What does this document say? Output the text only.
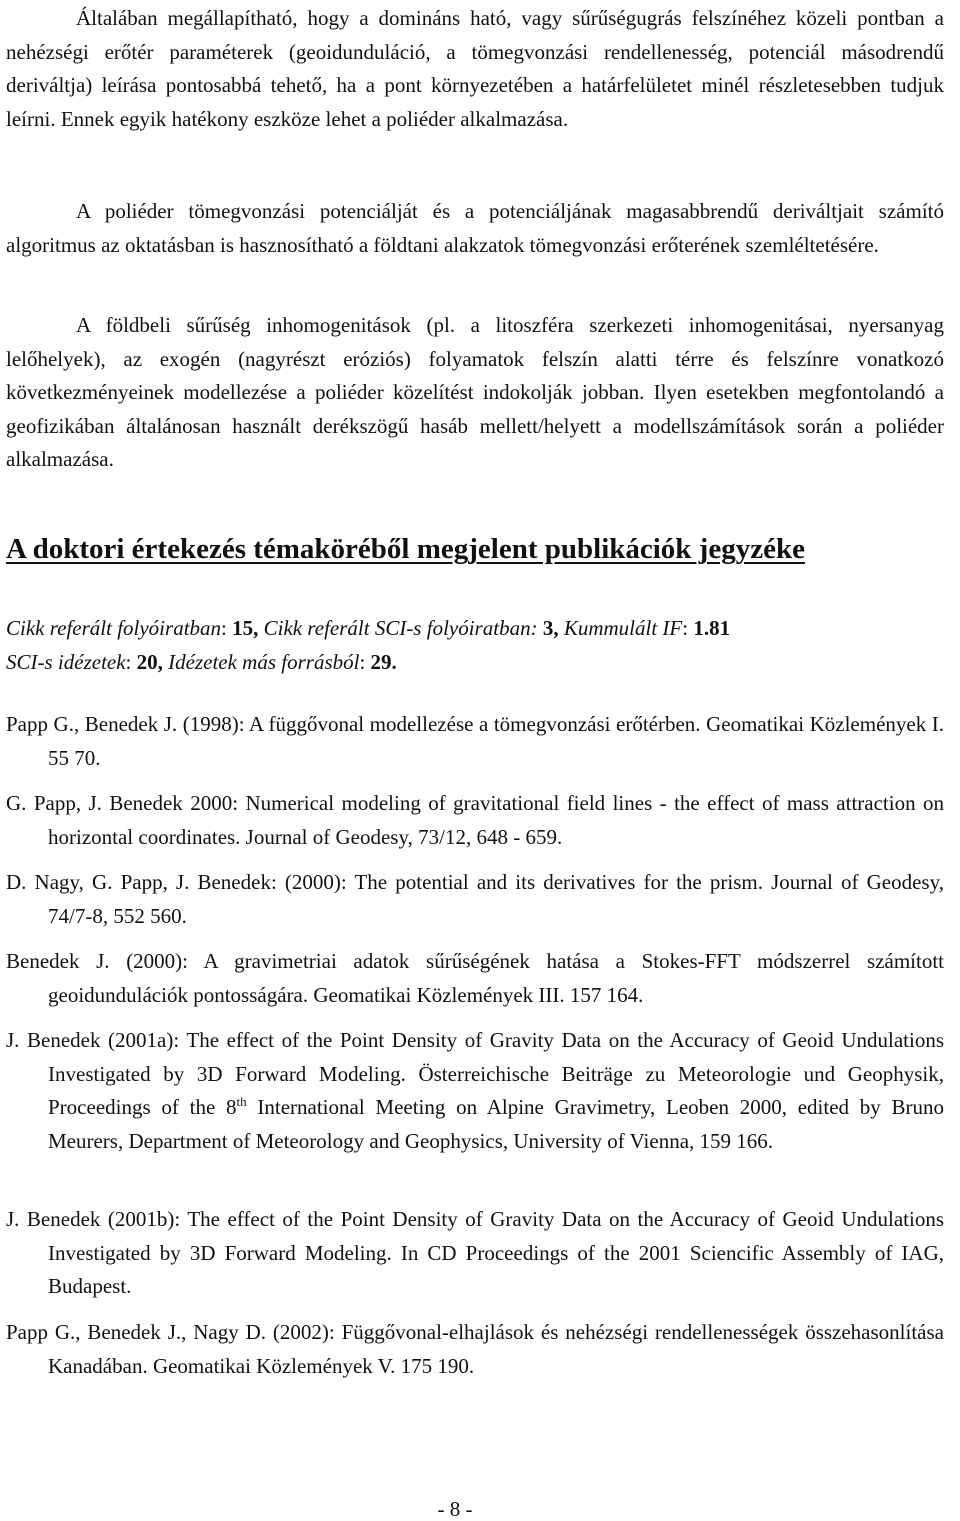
Általában megállapítható, hogy a domináns ható, vagy sűrűségugrás felszínéhez közeli pontban a nehézségi erőtér paraméterek (geoidunduláció, a tömegvonzási rendellenesség, potenciál másodrendű deriváltja) leírása pontosabbá tehető, ha a pont környezetében a határfelületet minél részletesebben tudjuk leírni. Ennek egyik hatékony eszköze lehet a poliéder alkalmazása.

A poliéder tömegvonzási potenciálját és a potenciáljának magasabbrendű deriváltjait számító algoritmus az oktatásban is hasznosítható a földtani alakzatok tömegvonzási erőterének szemléltetésére.

A földbeli sűrűség inhomogenitások (pl. a litoszféra szerkezeti inhomogenitásai, nyersanyag lelőhelyek), az exogén (nagyrészt eróziós) folyamatok felszín alatti térre és felszínre vonatkozó következményeinek modellezése a poliéder közelítést indokolják jobban. Ilyen esetekben megfontolandó a geofizikában általánosan használt derékszögű hasáb mellett/helyett a modellszámítások során a poliéder alkalmazása.

A doktori értekezés témaköréből megjelent publikációk jegyzéke

Cikk referált folyóiratban: 15, Cikk referált SCI-s folyóiratban: 3, Kummulált IF: 1.81
SCI-s idézetek: 20, Idézetek más forrásból: 29.

Papp G., Benedek J. (1998): A függővonal modellezése a tömegvonzási erőtérben. Geomatikai Közlemények I. 55 70.

G. Papp, J. Benedek 2000: Numerical modeling of gravitational field lines - the effect of mass attraction on horizontal coordinates. Journal of Geodesy, 73/12, 648 - 659.

D. Nagy, G. Papp, J. Benedek: (2000): The potential and its derivatives for the prism. Journal of Geodesy, 74/7-8, 552 560.

Benedek J. (2000): A gravimetriai adatok sűrűségének hatása a Stokes-FFT módszerrel számított geoidundulációk pontosságára. Geomatikai Közlemények III. 157 164.

J. Benedek (2001a): The effect of the Point Density of Gravity Data on the Accuracy of Geoid Undulations Investigated by 3D Forward Modeling. Österreichische Beiträge zu Meteorologie und Geophysik, Proceedings of the 8th International Meeting on Alpine Gravimetry, Leoben 2000, edited by Bruno Meurers, Department of Meteorology and Geophysics, University of Vienna, 159 166.

J. Benedek (2001b): The effect of the Point Density of Gravity Data on the Accuracy of Geoid Undulations Investigated by 3D Forward Modeling. In CD Proceedings of the 2001 Sciencific Assembly of IAG, Budapest.

Papp G., Benedek J., Nagy D. (2002): Függővonal-elhajlások és nehézségi rendellenességek összehasonlítása Kanadában. Geomatikai Közlemények V. 175 190.

- 8 -
